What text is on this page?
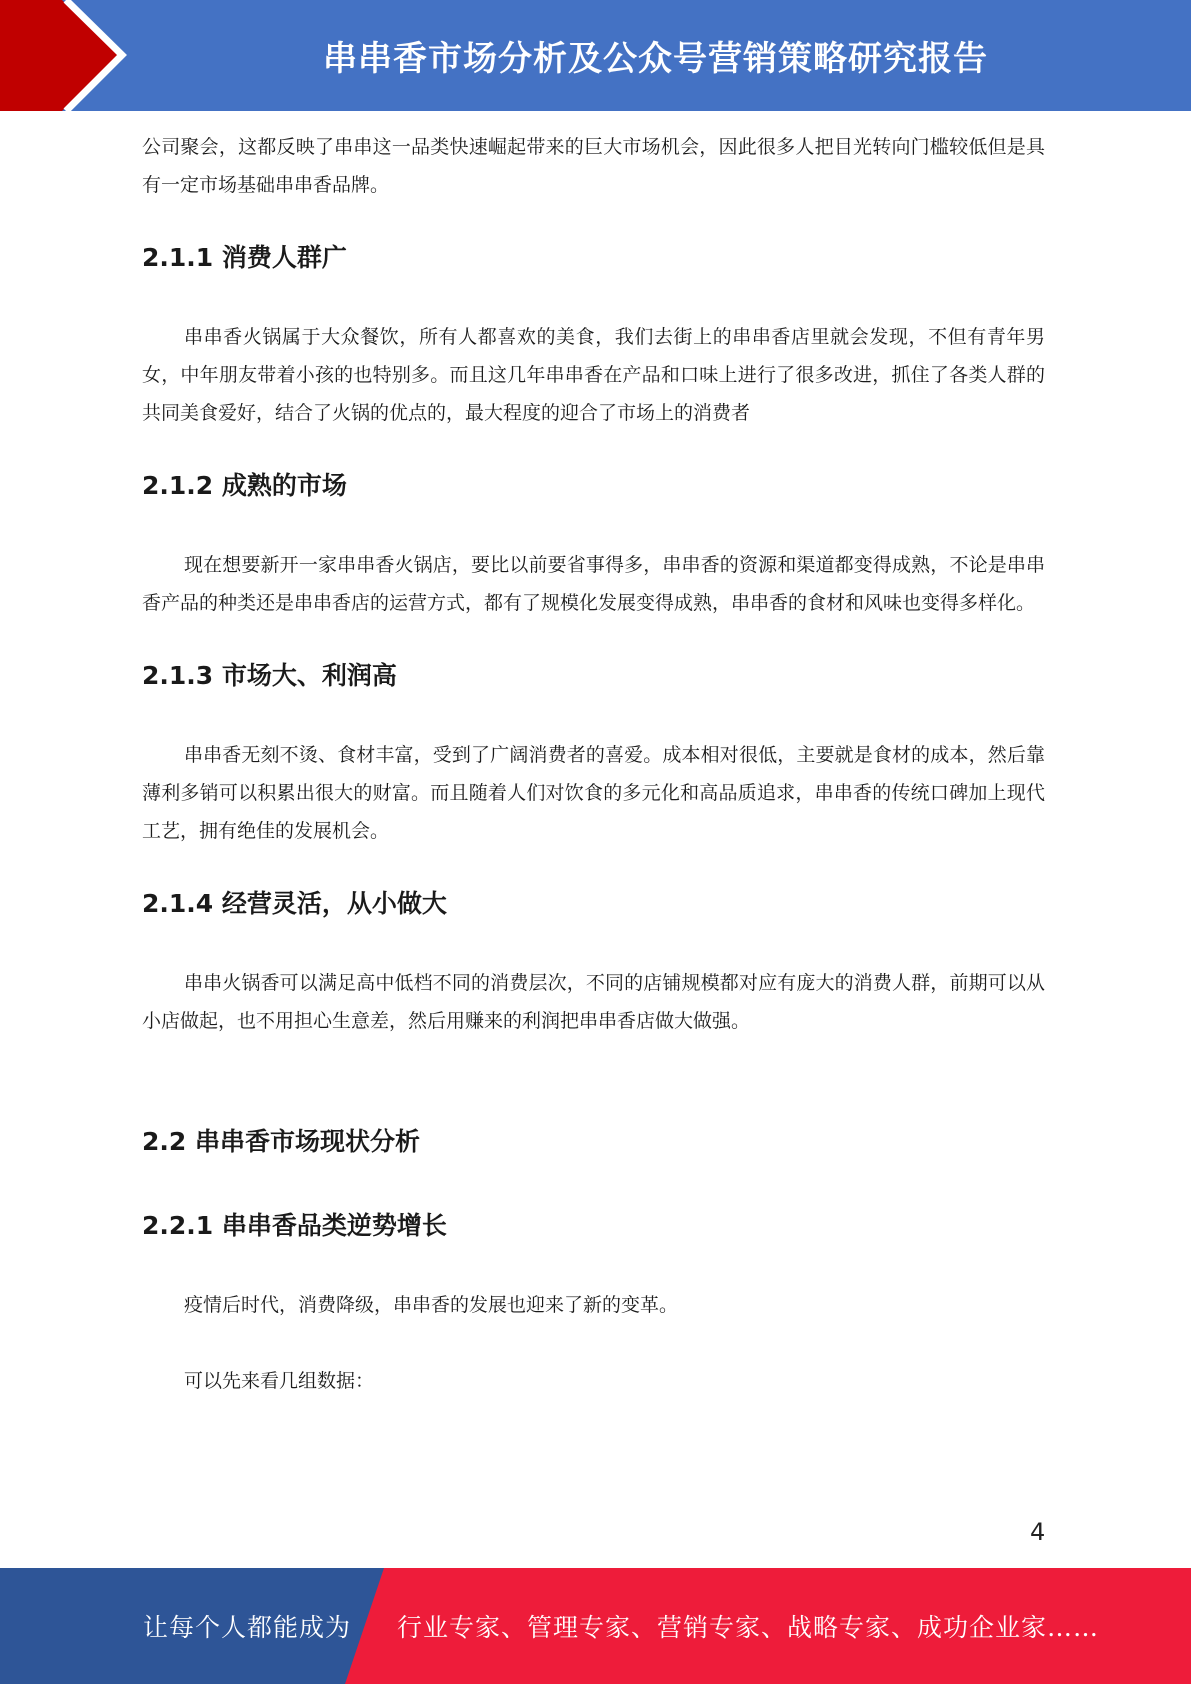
串串香市场分析及公众号营销策略研究报告

公司聚会，这都反映了串串这一品类快速崛起带来的巨大市场机会，因此很多人把目光转向门槛较低但是具有一定市场基础串串香品牌。

2.1.1 消费人群广

串串香火锅属于大众餐饮，所有人都喜欢的美食，我们去街上的串串香店里就会发现，不但有青年男女，中年朋友带着小孩的也特别多。而且这几年串串香在产品和口味上进行了很多改进，抓住了各类人群的共同美食爱好，结合了火锅的优点的，最大程度的迎合了市场上的消费者

2.1.2 成熟的市场

现在想要新开一家串串香火锅店，要比以前要省事得多，串串香的资源和渠道都变得成熟，不论是串串香产品的种类还是串串香店的运营方式，都有了规模化发展变得成熟，串串香的食材和风味也变得多样化。

2.1.3 市场大、利润高

串串香无刻不烫、食材丰富，受到了广阔消费者的喜爱。成本相对很低，主要就是食材的成本，然后靠薄利多销可以积累出很大的财富。而且随着人们对饮食的多元化和高品质追求，串串香的传统口碑加上现代工艺，拥有绝佳的发展机会。

2.1.4 经营灵活，从小做大

串串火锅香可以满足高中低档不同的消费层次，不同的店铺规模都对应有庞大的消费人群，前期可以从小店做起，也不用担心生意差，然后用赚来的利润把串串香店做大做强。

2.2 串串香市场现状分析
2.2.1 串串香品类逆势增长

疫情后时代，消费降级，串串香的发展也迎来了新的变革。

可以先来看几组数据：

4
让每个人都能成为 行业专家、管理专家、营销专家、战略专家、成功企业家……
